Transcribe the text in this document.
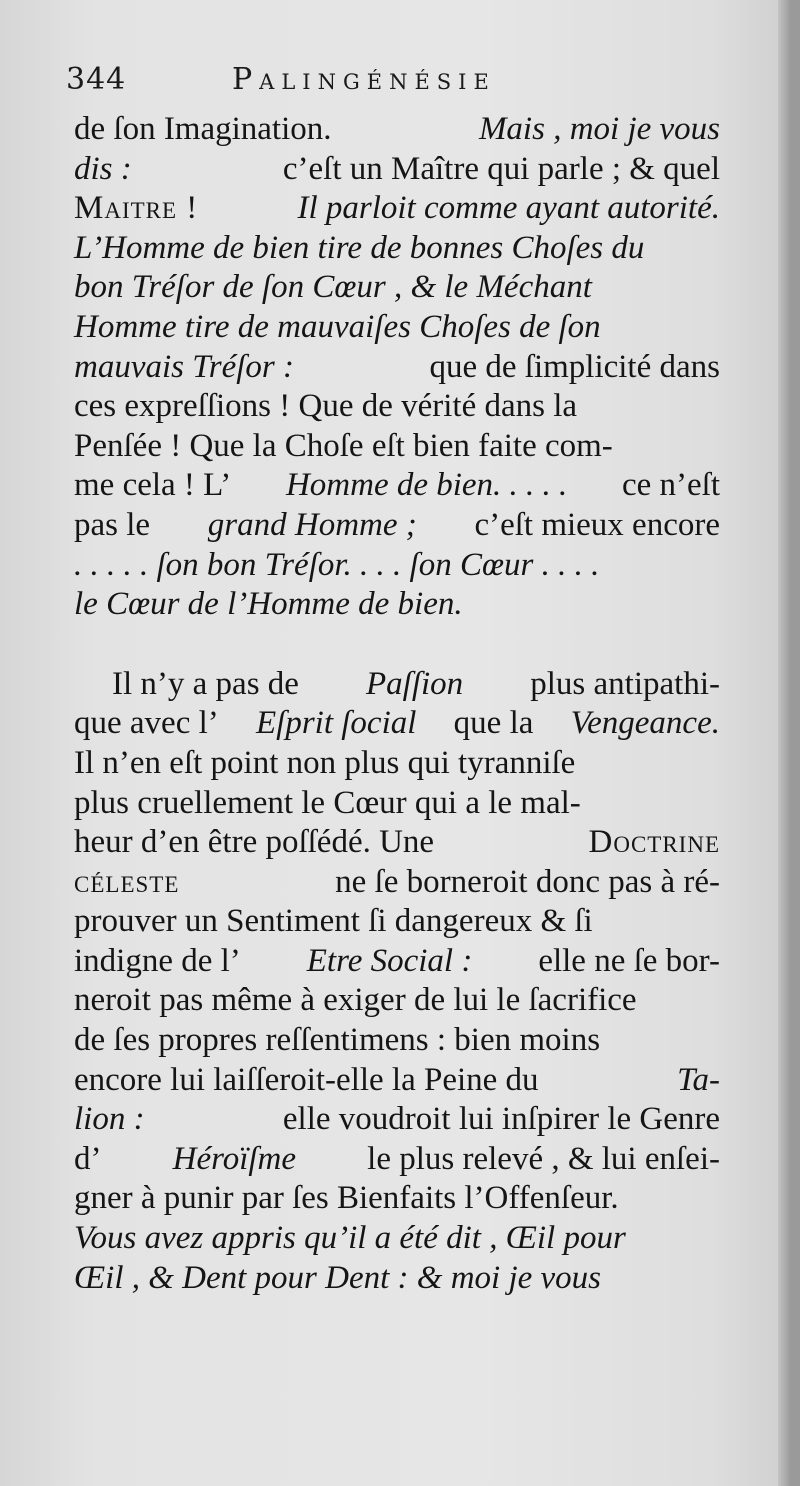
344	Palingénésie
de ſon Imagination.	Mais , moi je vous
dis :	c’eſt un Maître qui parle ; & quel
Maitre !	Il parloit comme ayant autorité.
L’Homme de bien tire de bonnes Choſes du
bon Tréſor de ſon Cœur , & le Méchant
Homme tire de mauvaiſes Choſes de ſon
mauvais Tréſor :	que de ſimplicité dans
ces expreſſions ! Que de vérité dans la
Penſée ! Que la Choſe eſt bien faite com-
me cela ! L’ Homme de bien. . . . . ce n’eſt
pas le grand Homme ; c’eſt mieux encore
. . . . . ſon bon Tréſor. . . . ſon Cœur . . . .
le Cœur de l’Homme de bien.
Il n’y a pas de Paſſion plus antipathi-
que avec l’ Eſprit ſocial que la Vengeance.
Il n’en eſt point non plus qui tyranniſe
plus cruellement le Cœur qui a le mal-
heur d’en être poſſédé. Une	Doctrine
céleste	ne ſe borneroit donc pas à ré-
prouver un Sentiment ſi dangereux & ſi
indigne de l’ Etre Social : elle ne ſe bor-
neroit pas même à exiger de lui le ſacrifice
de ſes propres reſſentimens : bien moins
encore lui laiſſeroit-elle la Peine du	Ta-
lion :	elle voudroit lui inſpirer le Genre
d’ Héroïſme le plus relevé , & lui enſei-
gner à punir par ſes Bienfaits l’Offenſeur.
Vous avez appris qu’il a été dit , Œil pour
Œil , & Dent pour Dent : & moi je vous
